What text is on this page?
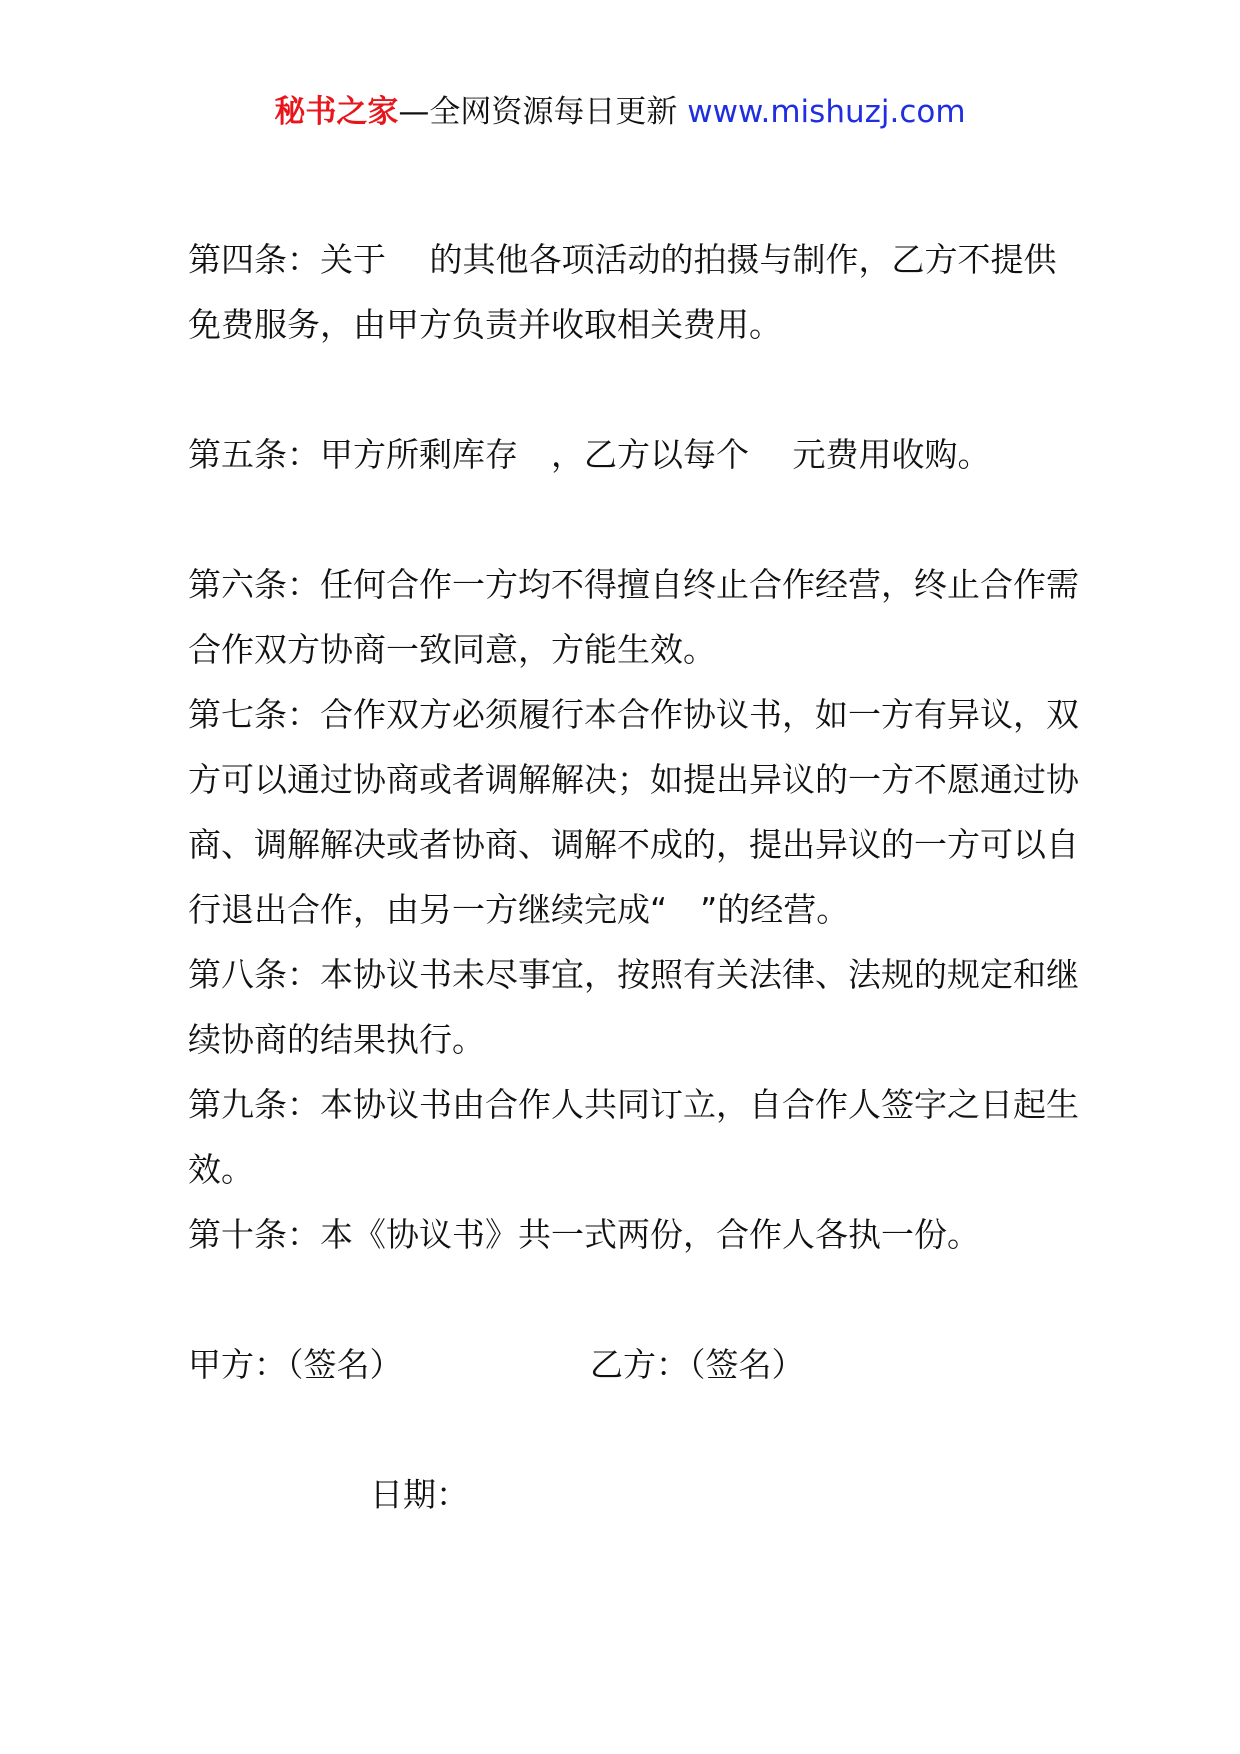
秘书之家—全网资源每日更新 www.mishuzj.com

第四条：关于　 的其他各项活动的拍摄与制作，乙方不提供免费服务，由甲方负责并收取相关费用。

第五条：甲方所剩库存　，乙方以每个　 元费用收购。

第六条：任何合作一方均不得擅自终止合作经营，终止合作需合作双方协商一致同意，方能生效。

第七条：合作双方必须履行本合作协议书，如一方有异议，双方可以通过协商或者调解解决；如提出异议的一方不愿通过协商、调解解决或者协商、调解不成的，提出异议的一方可以自行退出合作，由另一方继续完成“　”的经营。

第八条：本协议书未尽事宜，按照有关法律、法规的规定和继续协商的结果执行。

第九条：本协议书由合作人共同订立，自合作人签字之日起生效。

第十条：本《协议书》共一式两份，合作人各执一份。

甲方：（签名）	乙方：（签名）
日期：
